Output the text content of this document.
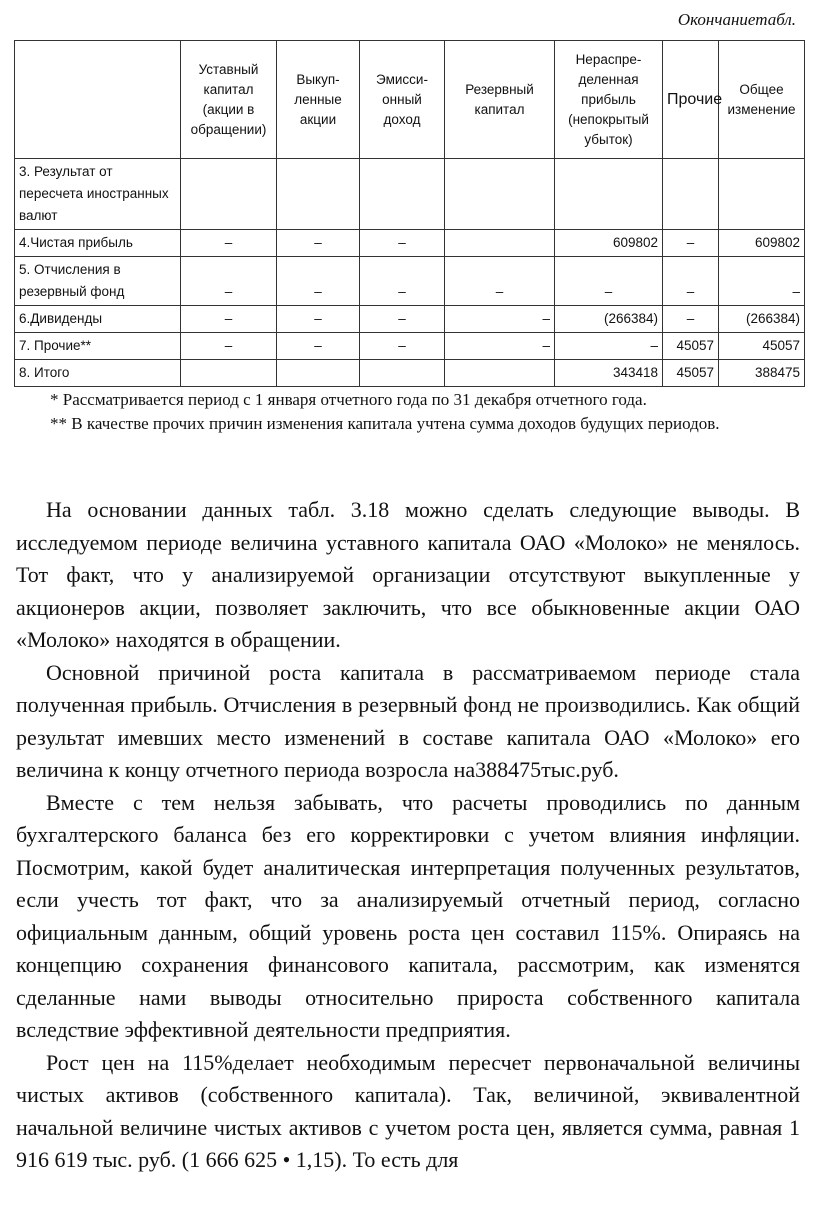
Окончаниетабл.
	Уставный капитал (акции в обращении)	Выкуп-ленные акции	Эмисси-онный доход	Резервный капитал	Нераспре-деленная прибыль (непокрытый убыток)	Прочие	Общее изменение
3. Результат от пересчета иностранных валют							
4.Чистая прибыль	–	–	–		609802	–	609802
5. Отчисления в резервный фонд	–	–	–	–	–	–	–
6.Дивиденды	–	–	–	–	(266384)	–	(266384)
7. Прочие**	–	–	–	–	–	45057	45057
8. Итого					343418	45057	388475

* Рассматривается период с 1 января отчетного года по 31 декабря отчетного года.

** В качестве прочих причин изменения капитала учтена сумма доходов будущих периодов.

На основании данных табл. 3.18 можно сделать следующие выводы. В исследуемом периоде величина уставного капитала ОАО «Молоко» не менялось. Тот факт, что у анализируемой организации отсутствуют выкупленные у акционеров акции, позволяет заключить, что все обыкновенные акции ОАО «Молоко» находятся в обращении.

Основной причиной роста капитала в рассматриваемом периоде стала полученная прибыль. Отчисления в резервный фонд не производились. Как общий результат имевших место изменений в составе капитала ОАО «Молоко» его величина к концу отчетного периода возросла на388475тыс.руб.

Вместе с тем нельзя забывать, что расчеты проводились по данным бухгалтерского баланса без его корректировки с учетом влияния инфляции. Посмотрим, какой будет аналитическая интерпретация полученных результатов, если учесть тот факт, что за анализируемый отчетный период, согласно официальным данным, общий уровень роста цен составил 115%. Опираясь на концепцию сохранения финансового капитала, рассмотрим, как изменятся сделанные нами выводы относительно прироста собственного капитала вследствие эффективной деятельности предприятия.

Рост цен на 115%делает необходимым пересчет первоначальной величины чистых активов (собственного капитала). Так, величиной, эквивалентной начальной величине чистых активов с учетом роста цен, является сумма, равная 1 916 619 тыс. руб. (1 666 625 • 1,15). То есть для
